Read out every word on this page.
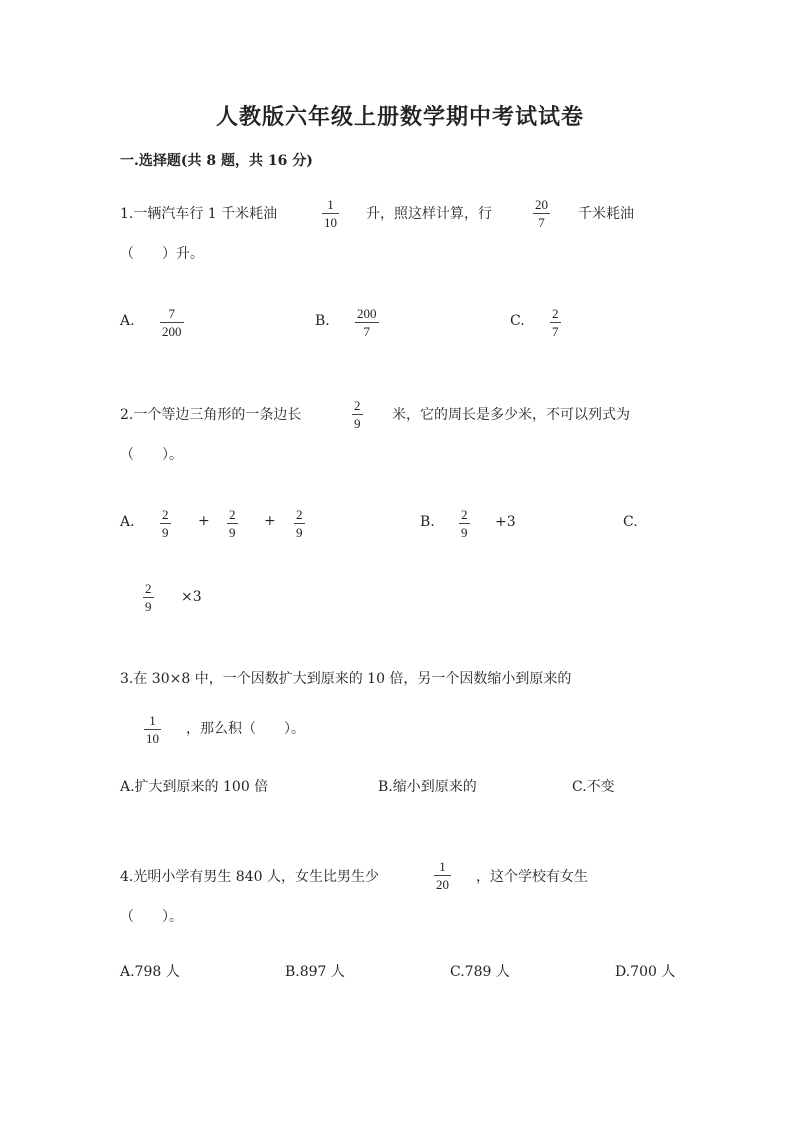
人教版六年级上册数学期中考试试卷
一.选择题(共 8 题，共 16 分)
1.一辆汽车行 1 千米耗油
1
10
升，照这样计算，行
20
7
千米耗油
（　　）升。
A.	7
200
B. 200
7
C. 2
7
2.一个等边三角形的一条边长
2
9
米，它的周长是多少米，不可以列式为
（　　）。
A. 2
9
+ 2
9
+ 2
9
B. 2
9
+3	C.
2
9
×3
3.在 30×8 中，一个因数扩大到原来的 10 倍，另一个因数缩小到原来的
1
10
，那么积（　　）。
A.扩大到原来的 100 倍	B.缩小到原来的	C.不变
4.光明小学有男生 840 人，女生比男生少
1
20 ，这个学校有女生
（　　）。
A.798 人	B.897 人	C.789 人	D.700 人
